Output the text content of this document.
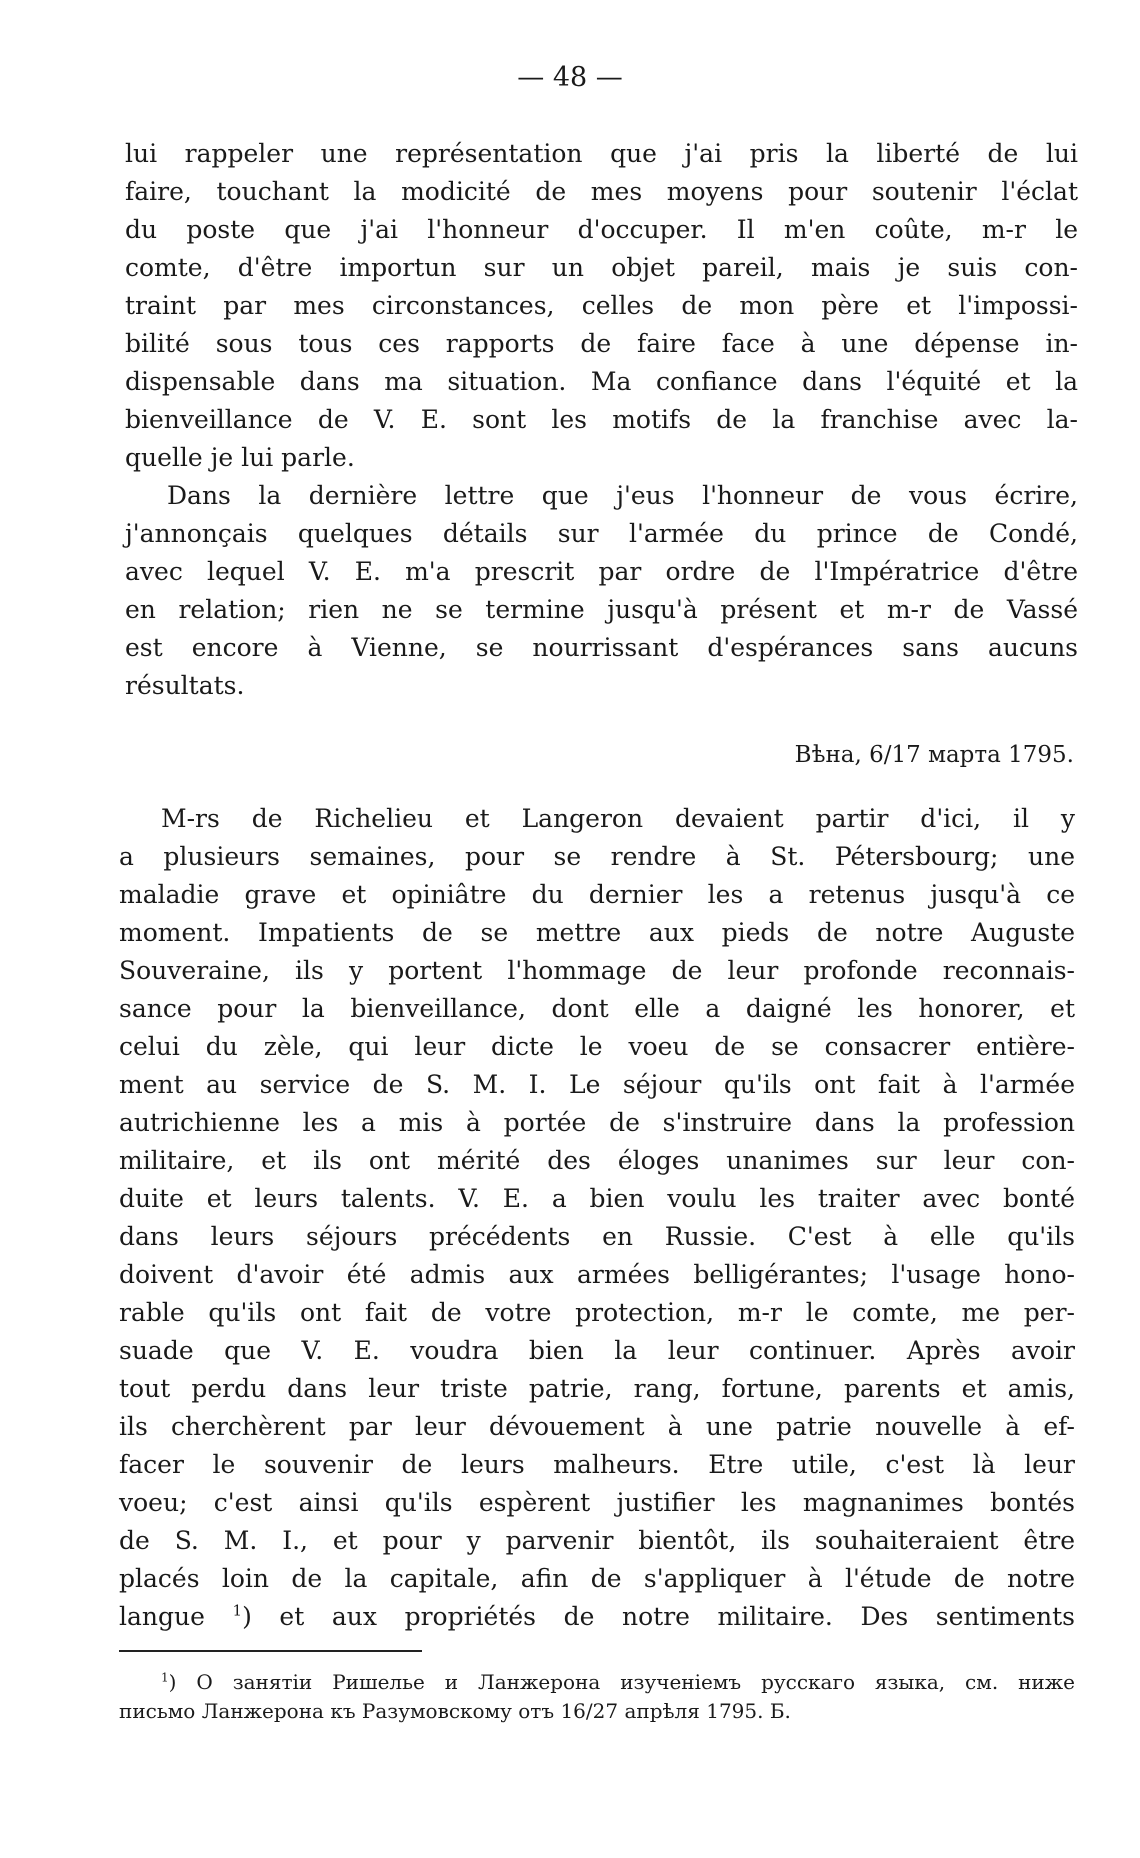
— 48 —
lui rappeler une représentation que j'ai pris la liberté de lui
faire, touchant la modicité de mes moyens pour soutenir l'éclat
du poste que j'ai l'honneur d'occuper. Il m'en coûte, m-r le
comte, d'être importun sur un objet pareil, mais je suis con-
traint par mes circonstances, celles de mon père et l'impossi-
bilité sous tous ces rapports de faire face à une dépense in-
dispensable dans ma situation. Ma confiance dans l'équité et la
bienveillance de V. E. sont les motifs de la franchise avec la-
quelle je lui parle.
Dans la dernière lettre que j'eus l'honneur de vous écrire,
j'annonçais quelques détails sur l'armée du prince de Condé,
avec lequel V. E. m'a prescrit par ordre de l'Impératrice d'être
en relation; rien ne se termine jusqu'à présent et m-r de Vassé
est encore à Vienne, se nourrissant d'espérances sans aucuns
résultats.
Вѣна, 6/17 марта 1795.
M-rs de Richelieu et Langeron devaient partir d'ici, il y
a plusieurs semaines, pour se rendre à St. Pétersbourg; une
maladie grave et opiniâtre du dernier les a retenus jusqu'à ce
moment. Impatients de se mettre aux pieds de notre Auguste
Souveraine, ils y portent l'hommage de leur profonde reconnais-
sance pour la bienveillance, dont elle a daigné les honorer, et
celui du zèle, qui leur dicte le voeu de se consacrer entière-
ment au service de S. M. I. Le séjour qu'ils ont fait à l'armée
autrichienne les a mis à portée de s'instruire dans la profession
militaire, et ils ont mérité des éloges unanimes sur leur con-
duite et leurs talents. V. E. a bien voulu les traiter avec bonté
dans leurs séjours précédents en Russie. C'est à elle qu'ils
doivent d'avoir été admis aux armées belligérantes; l'usage hono-
rable qu'ils ont fait de votre protection, m-r le comte, me per-
suade que V. E. voudra bien la leur continuer. Après avoir
tout perdu dans leur triste patrie, rang, fortune, parents et amis,
ils cherchèrent par leur dévouement à une patrie nouvelle à ef-
facer le souvenir de leurs malheurs. Etre utile, c'est là leur
voeu; c'est ainsi qu'ils espèrent justifier les magnanimes bontés
de S. M. I., et pour y parvenir bientôt, ils souhaiteraient être
placés loin de la capitale, afin de s'appliquer à l'étude de notre
langue $^1$) et aux propriétés de notre militaire. Des sentiments
$^1$) О занятіи Ришелье и Ланжерона изученіемъ русскаго языка, см. ниже
письмо Ланжерона къ Разумовскому отъ 16/27 апрѣля 1795. Б.
